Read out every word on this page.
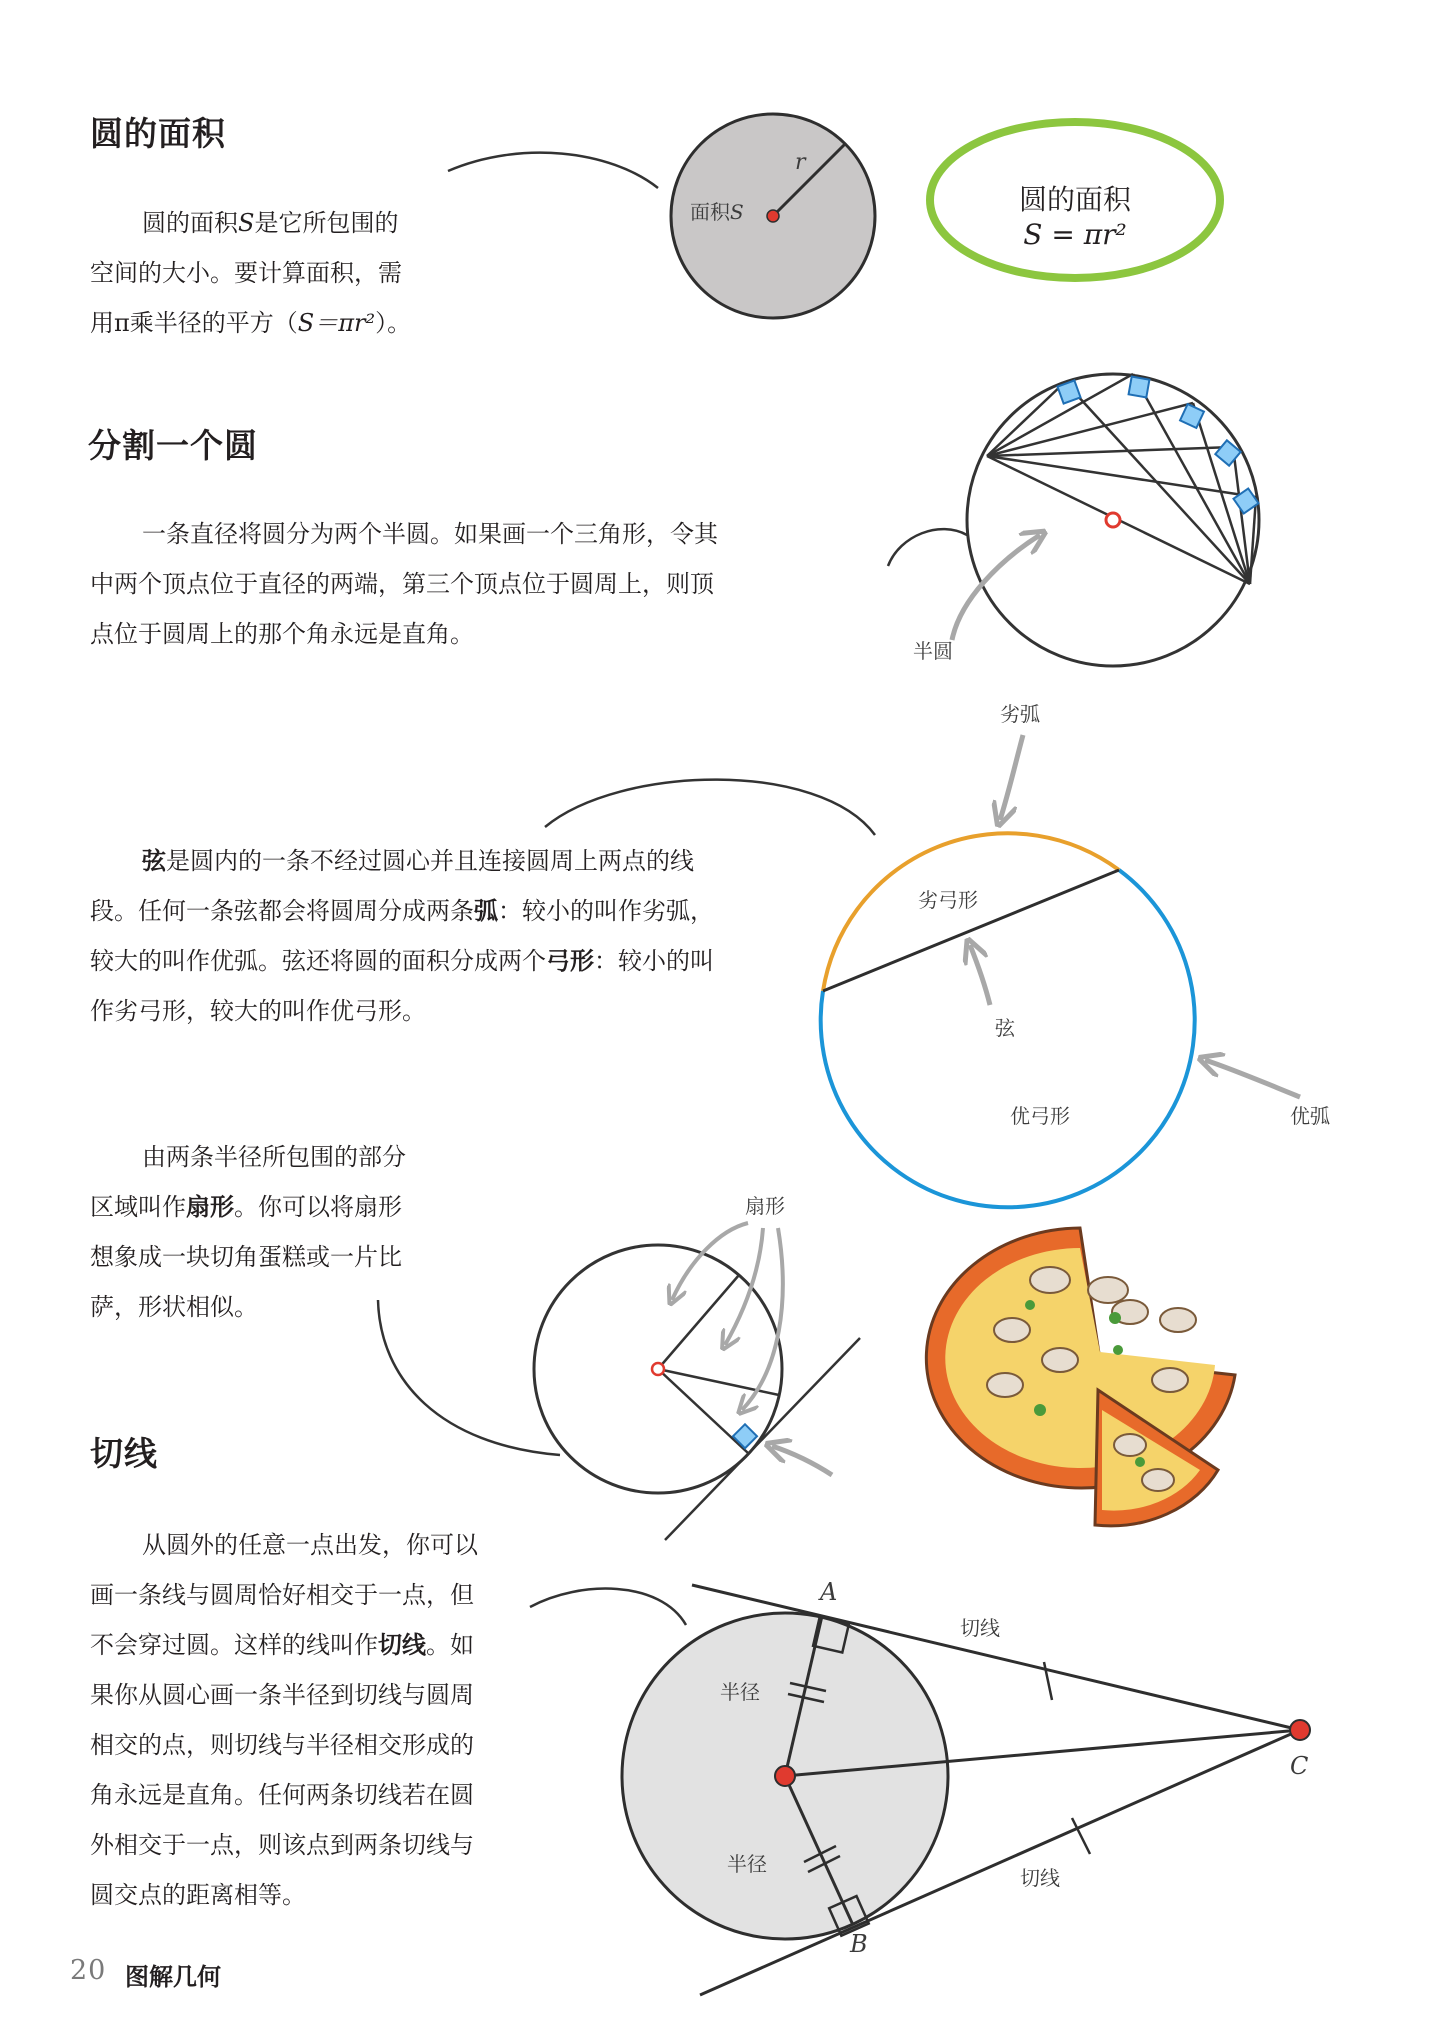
圆的面积
圆的面积S是它所包围的
空间的大小。要计算面积，需
用π乘半径的平方（S＝πr²）。
面积S
r
圆的面积
S = πr²
分割一个圆
一条直径将圆分为两个半圆。如果画一个三角形，令其
中两个顶点位于直径的两端，第三个顶点位于圆周上，则顶
点位于圆周上的那个角永远是直角。
半圆
弦是圆内的一条不经过圆心并且连接圆周上两点的线
段。任何一条弦都会将圆周分成两条弧：较小的叫作劣弧，
较大的叫作优弧。弦还将圆的面积分成两个弓形：较小的叫
作劣弓形，较大的叫作优弓形。
劣弧
劣弓形
弦
优弓形	优弧
由两条半径所包围的部分
区域叫作扇形。你可以将扇形
想象成一块切角蛋糕或一片比
萨，形状相似。
扇形
切线
从圆外的任意一点出发，你可以
画一条线与圆周恰好相交于一点，但
不会穿过圆。这样的线叫作切线。如
果你从圆心画一条半径到切线与圆周
相交的点，则切线与半径相交形成的
角永远是直角。任何两条切线若在圆
外相交于一点，则该点到两条切线与
圆交点的距离相等。
A
B
C
切线
切线
半径
半径
20 图解几何
